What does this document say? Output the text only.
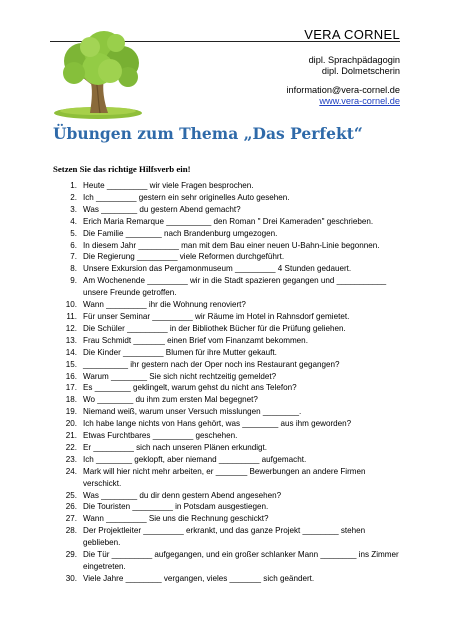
VERA CORNEL
dipl. Sprachpädagogin
dipl. Dolmetscherin
information@vera-cornel.de
www.vera-cornel.de
Übungen zum Thema „Das Perfekt“
Setzen Sie das richtige Hilfsverb ein!
1. Heute _________ wir viele Fragen besprochen.
2. Ich _________ gestern ein sehr originelles Auto gesehen.
3. Was ________ du gestern Abend gemacht?
4. Erich Maria Remarque __________ den Roman " Drei Kameraden" geschrieben.
5. Die Familie ________ nach Brandenburg umgezogen.
6. In diesem Jahr _________ man mit dem Bau einer neuen U-Bahn-Linie begonnen.
7. Die Regierung _________ viele Reformen durchgeführt.
8. Unsere Exkursion das Pergamonmuseum _________ 4 Stunden gedauert.
9. Am Wochenende _________ wir in die Stadt spazieren gegangen und ___________
unsere Freunde getroffen.
10. Wann _________ ihr die Wohnung renoviert?
11. Für unser Seminar _________ wir Räume im Hotel in Rahnsdorf gemietet.
12. Die Schüler _________ in der Bibliothek Bücher für die Prüfung geliehen.
13. Frau Schmidt _______ einen Brief vom Finanzamt bekommen.
14. Die Kinder _________ Blumen für ihre Mutter gekauft.
15. __________ ihr gestern nach der Oper noch ins Restaurant gegangen?
16. Warum ________ Sie sich nicht rechtzeitig gemeldet?
17. Es ________ geklingelt, warum gehst du nicht ans Telefon?
18. Wo ________ du ihm zum ersten Mal begegnet?
19. Niemand weiß, warum unser Versuch misslungen ________.
20. Ich habe lange nichts von Hans gehört, was ________ aus ihm geworden?
21. Etwas Furchtbares _________ geschehen.
22. Er _________ sich nach unseren Plänen erkundigt.
23. Ich ________ geklopft, aber niemand _________ aufgemacht.
24. Mark will hier nicht mehr arbeiten, er _______ Bewerbungen an andere Firmen
verschickt.
25. Was ________ du dir denn gestern Abend angesehen?
26. Die Touristen _________ in Potsdam ausgestiegen.
27. Wann _________ Sie uns die Rechnung geschickt?
28. Der Projektleiter _________ erkrankt, und das ganze Projekt ________ stehen
geblieben.
29. Die Tür _________ aufgegangen, und ein großer schlanker Mann ________ ins Zimmer
eingetreten.
30. Viele Jahre ________ vergangen, vieles _______ sich geändert.
